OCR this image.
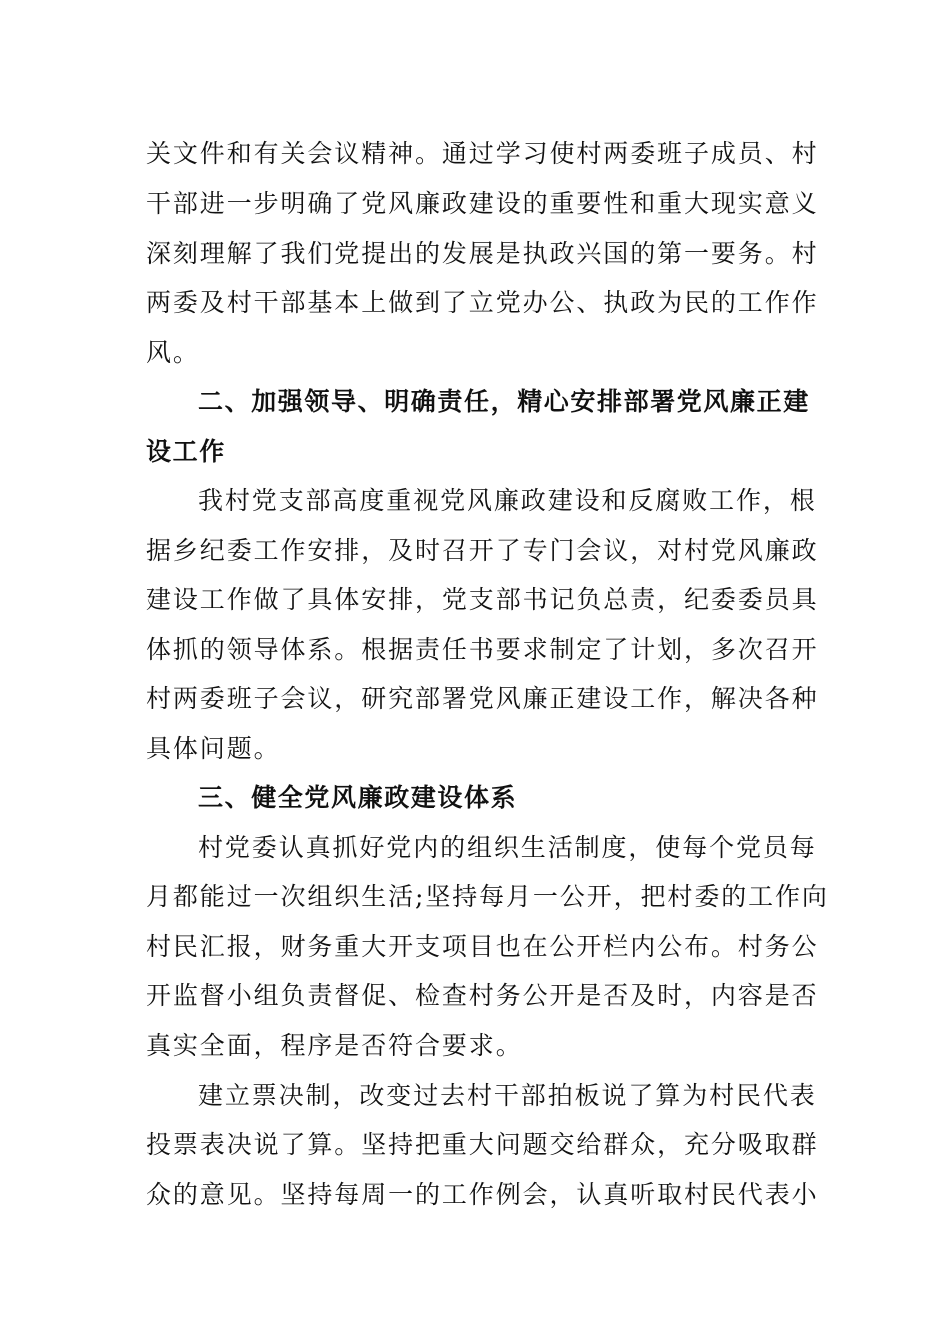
关文件和有关会议精神。通过学习使村两委班子成员、村
干部进一步明确了党风廉政建设的重要性和重大现实意义
深刻理解了我们党提出的发展是执政兴国的第一要务。村
两委及村干部基本上做到了立党办公、执政为民的工作作
风。
二、加强领导、明确责任，精心安排部署党风廉正建
设工作
我村党支部高度重视党风廉政建设和反腐败工作，根
据乡纪委工作安排，及时召开了专门会议，对村党风廉政
建设工作做了具体安排，党支部书记负总责，纪委委员具
体抓的领导体系。根据责任书要求制定了计划，多次召开
村两委班子会议，研究部署党风廉正建设工作，解决各种
具体问题。
三、健全党风廉政建设体系
村党委认真抓好党内的组织生活制度，使每个党员每
月都能过一次组织生活;坚持每月一公开，把村委的工作向
村民汇报，财务重大开支项目也在公开栏内公布。村务公
开监督小组负责督促、检查村务公开是否及时，内容是否
真实全面，程序是否符合要求。
建立票决制，改变过去村干部拍板说了算为村民代表
投票表决说了算。坚持把重大问题交给群众，充分吸取群
众的意见。坚持每周一的工作例会，认真听取村民代表小
